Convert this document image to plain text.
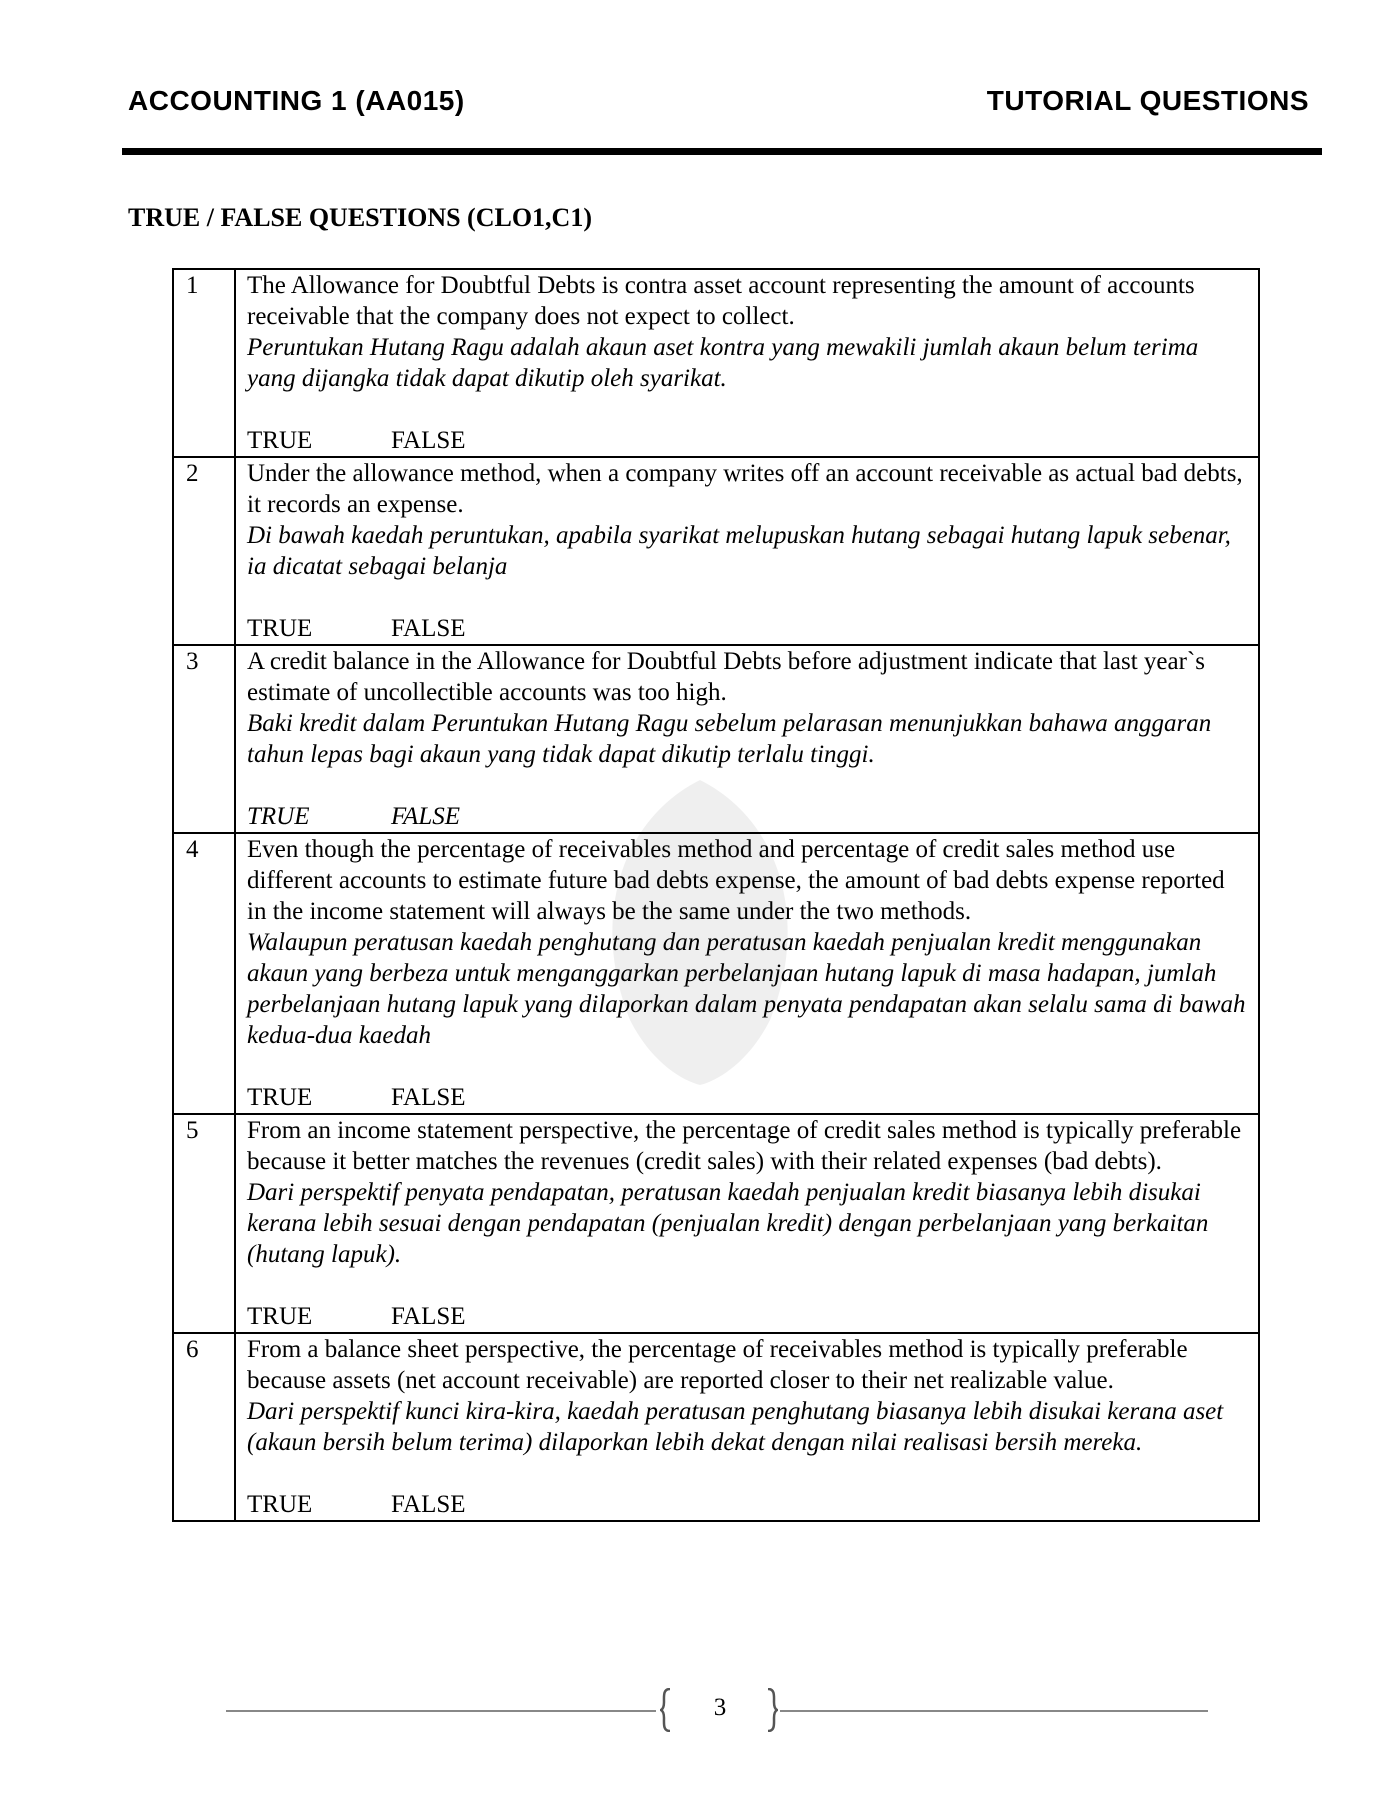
ACCOUNTING 1 (AA015)	TUTORIAL QUESTIONS
TRUE / FALSE QUESTIONS (CLO1,C1)
1	The Allowance for Doubtful Debts is contra asset account representing the amount of accounts receivable that the company does not expect to collect.
Peruntukan Hutang Ragu adalah akaun aset kontra yang mewakili jumlah akaun belum terima yang dijangka tidak dapat dikutip oleh syarikat.
TRUE FALSE

2	Under the allowance method, when a company writes off an account receivable as actual bad debts, it records an expense.
Di bawah kaedah peruntukan, apabila syarikat melupuskan hutang sebagai hutang lapuk sebenar, ia dicatat sebagai belanja
TRUE FALSE

3	A credit balance in the Allowance for Doubtful Debts before adjustment indicate that last year`s estimate of uncollectible accounts was too high.
Baki kredit dalam Peruntukan Hutang Ragu sebelum pelarasan menunjukkan bahawa anggaran tahun lepas bagi akaun yang tidak dapat dikutip terlalu tinggi.
TRUE FALSE

4	Even though the percentage of receivables method and percentage of credit sales method use different accounts to estimate future bad debts expense, the amount of bad debts expense reported in the income statement will always be the same under the two methods.
Walaupun peratusan kaedah penghutang dan peratusan kaedah penjualan kredit menggunakan akaun yang berbeza untuk menganggarkan perbelanjaan hutang lapuk di masa hadapan, jumlah perbelanjaan hutang lapuk yang dilaporkan dalam penyata pendapatan akan selalu sama di bawah kedua-dua kaedah
TRUE FALSE

5	From an income statement perspective, the percentage of credit sales method is typically preferable because it better matches the revenues (credit sales) with their related expenses (bad debts).
Dari perspektif penyata pendapatan, peratusan kaedah penjualan kredit biasanya lebih disukai kerana lebih sesuai dengan pendapatan (penjualan kredit) dengan perbelanjaan yang berkaitan (hutang lapuk).
TRUE FALSE

6	From a balance sheet perspective, the percentage of receivables method is typically preferable because assets (net account receivable) are reported closer to their net realizable value.
Dari perspektif kunci kira-kira, kaedah peratusan penghutang biasanya lebih disukai kerana aset (akaun bersih belum terima) dilaporkan lebih dekat dengan nilai realisasi bersih mereka.
TRUE FALSE
3
